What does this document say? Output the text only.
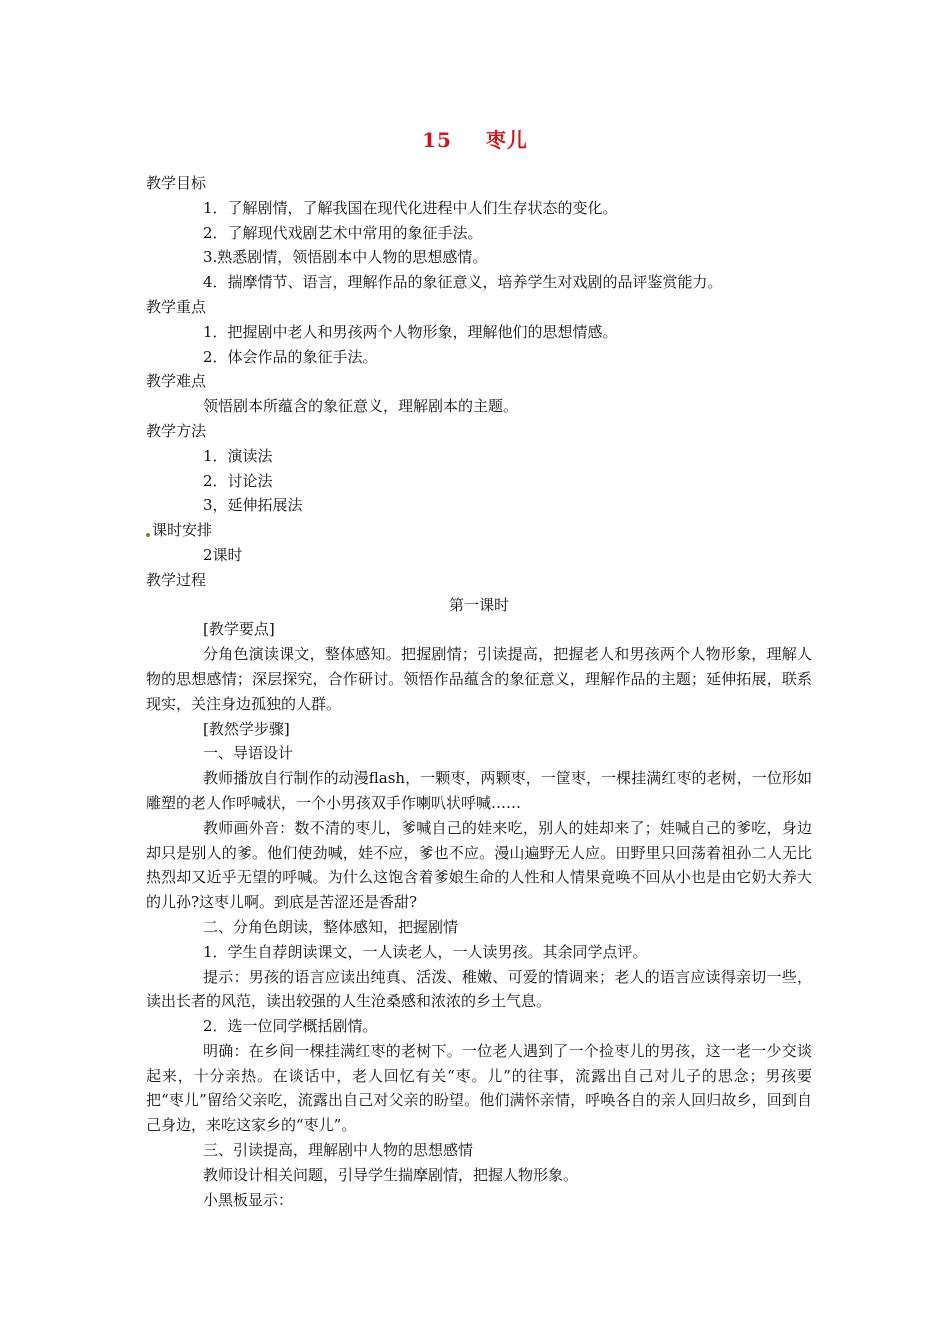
15 枣儿

教学目标

1．了解剧情，了解我国在现代化进程中人们生存状态的变化。

2．了解现代戏剧艺术中常用的象征手法。

3.熟悉剧情，领悟剧本中人物的思想感情。

4．揣摩情节、语言，理解作品的象征意义，培养学生对戏剧的品评鉴赏能力。

教学重点

1．把握剧中老人和男孩两个人物形象，理解他们的思想情感。

2．体会作品的象征手法。

教学难点

领悟剧本所蕴含的象征意义，理解剧本的主题。

教学方法

1．演读法

2．讨论法

3，延伸拓展法

课时安排

2课时

教学过程

第一课时

[教学要点]

分角色演读课文，整体感知。把握剧情；引读提高，把握老人和男孩两个人物形象，理解人物的思想感情；深层探究，合作研讨。领悟作品蕴含的象征意义，理解作品的主题；延伸拓展，联系现实，关注身边孤独的人群。

[教然学步骤]

一、导语设计

教师播放自行制作的动漫flash，一颗枣，两颗枣，一筐枣，一棵挂满红枣的老树，一位形如雕塑的老人作呼喊状，一个小男孩双手作喇叭状呼喊……

教师画外音：数不清的枣儿，爹喊自己的娃来吃，别人的娃却来了；娃喊自己的爹吃，身边却只是别人的爹。他们使劲喊，娃不应，爹也不应。漫山遍野无人应。田野里只回荡着祖孙二人无比热烈却又近乎无望的呼喊。为什么这饱含着爹娘生命的人性和人情果竟唤不回从小也是由它奶大养大的儿孙?这枣儿啊。到底是苦涩还是香甜?

二、分角色朗读，整体感知，把握剧情

1．学生自荐朗读课文，一人读老人，一人读男孩。其余同学点评。

提示：男孩的语言应读出纯真、活泼、稚嫩、可爱的情调来；老人的语言应读得亲切一些，读出长者的风范，读出较强的人生沧桑感和浓浓的乡土气息。

2．选一位同学概括剧情。

明确：在乡间一棵挂满红枣的老树下。一位老人遇到了一个捡枣儿的男孩，这一老一少交谈起来，十分亲热。在谈话中，老人回忆有关“枣。儿”的往事，流露出自己对儿子的思念；男孩要把“枣儿”留给父亲吃，流露出自己对父亲的盼望。他们满怀亲情，呼唤各自的亲人回归故乡，回到自己身边，来吃这家乡的“枣儿”。

三、引读提高，理解剧中人物的思想感情

教师设计相关问题，引导学生揣摩剧情，把握人物形象。

小黑板显示：
